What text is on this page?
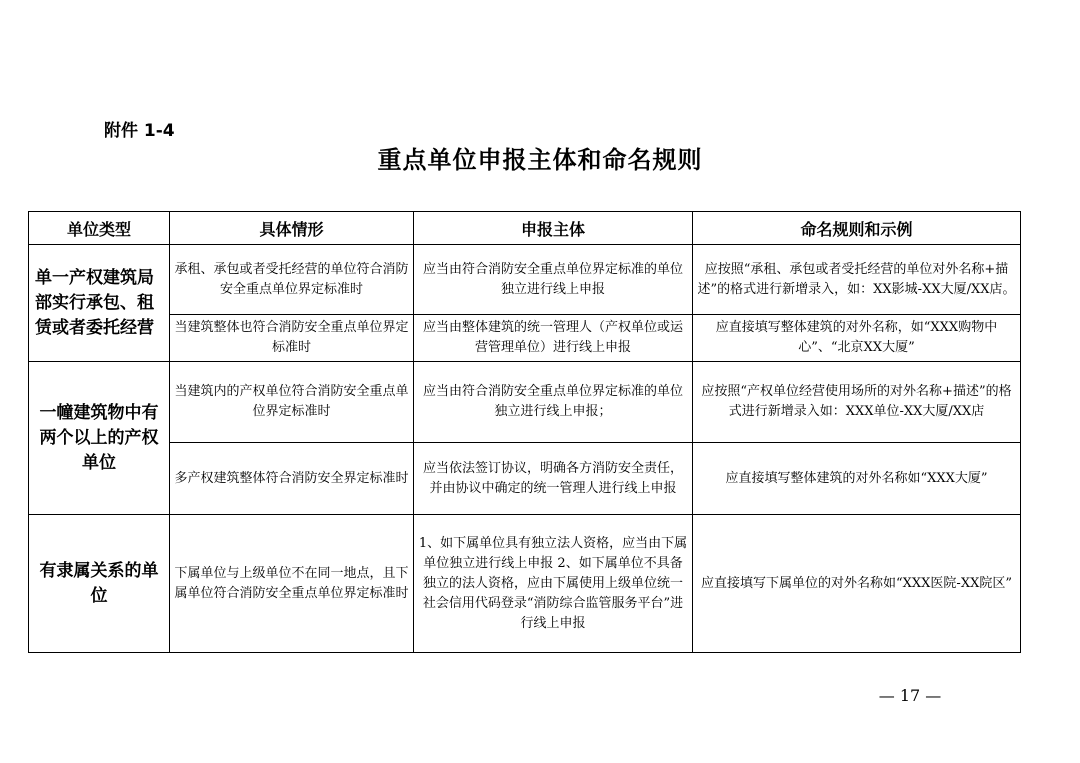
附件 1-4
重点单位申报主体和命名规则
单位类型	具体情形	申报主体	命名规则和示例
单一产权建筑局部实行承包、租赁或者委托经营	承租、承包或者受托经营的单位符合消防安全重点单位界定标准时	应当由符合消防安全重点单位界定标准的单位独立进行线上申报	应按照“承租、承包或者受托经营的单位对外名称+描述”的格式进行新增录入，如：XX影城-XX大厦/XX店。
	当建筑整体也符合消防安全重点单位界定标准时	应当由整体建筑的统一管理人（产权单位或运营管理单位）进行线上申报	应直接填写整体建筑的对外名称，如“XXX购物中心”、“北京XX大厦”
一幢建筑物中有两个以上的产权单位	当建筑内的产权单位符合消防安全重点单位界定标准时	应当由符合消防安全重点单位界定标准的单位独立进行线上申报；	应按照“产权单位经营使用场所的对外名称+描述”的格式进行新增录入如：XXX单位-XX大厦/XX店
	多产权建筑整体符合消防安全界定标准时	应当依法签订协议，明确各方消防安全责任，并由协议中确定的统一管理人进行线上申报	应直接填写整体建筑的对外名称如“XXX大厦”
有隶属关系的单位	下属单位与上级单位不在同一地点，且下属单位符合消防安全重点单位界定标准时	1、如下属单位具有独立法人资格，应当由下属单位独立进行线上申报 2、如下属单位不具备独立的法人资格，应由下属使用上级单位统一社会信用代码登录“消防综合监管服务平台”进行线上申报	应直接填写下属单位的对外名称如“XXX医院-XX院区”
— 17 —
